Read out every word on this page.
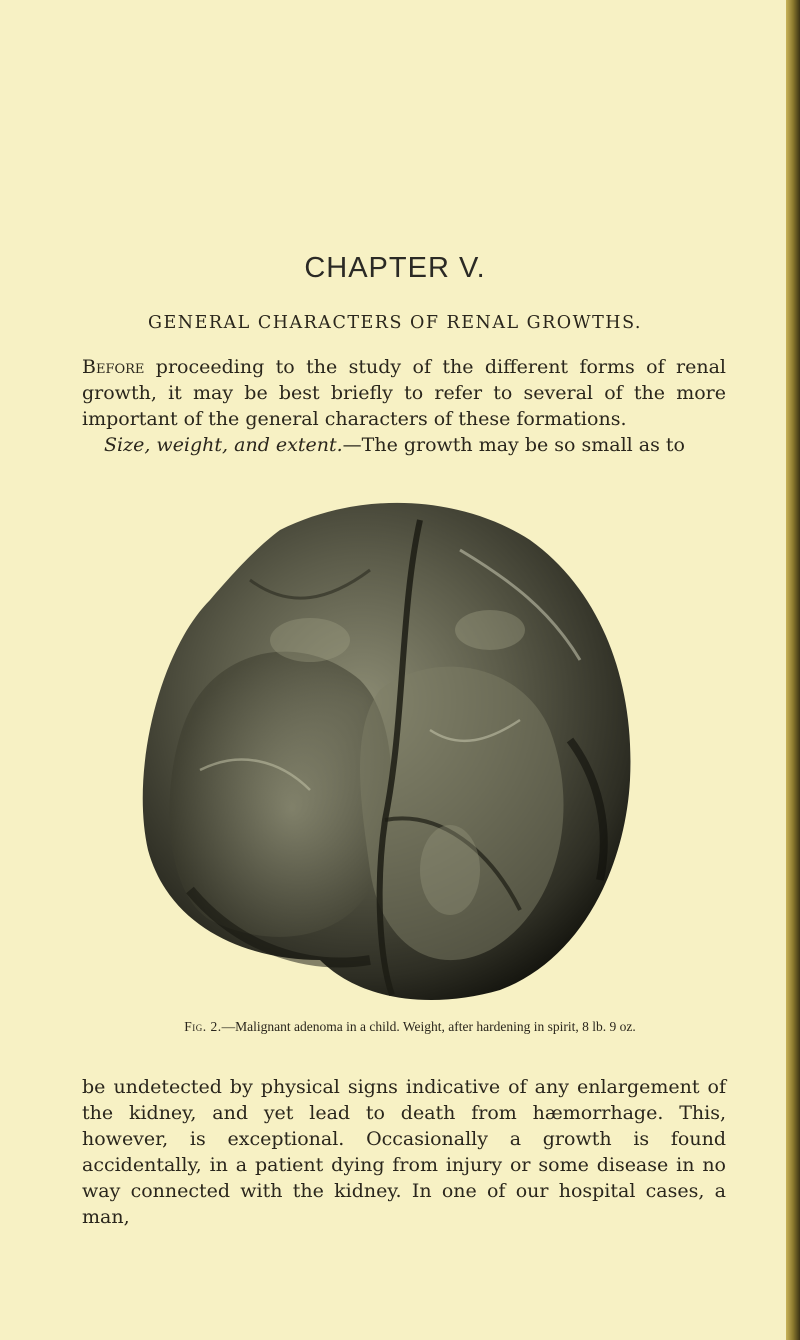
CHAPTER V.
GENERAL CHARACTERS OF RENAL GROWTHS.

Before proceeding to the study of the different forms of renal growth, it may be best briefly to refer to several of the more important of the general characters of these formations.

Size, weight, and extent.—The growth may be so small as to

Fig. 2.—Malignant adenoma in a child. Weight, after hardening in spirit, 8 lb. 9 oz.

be undetected by physical signs indicative of any enlargement of the kidney, and yet lead to death from hæmorrhage. This, however, is exceptional. Occasionally a growth is found accidentally, in a patient dying from injury or some disease in no way connected with the kidney. In one of our hospital cases, a man,
